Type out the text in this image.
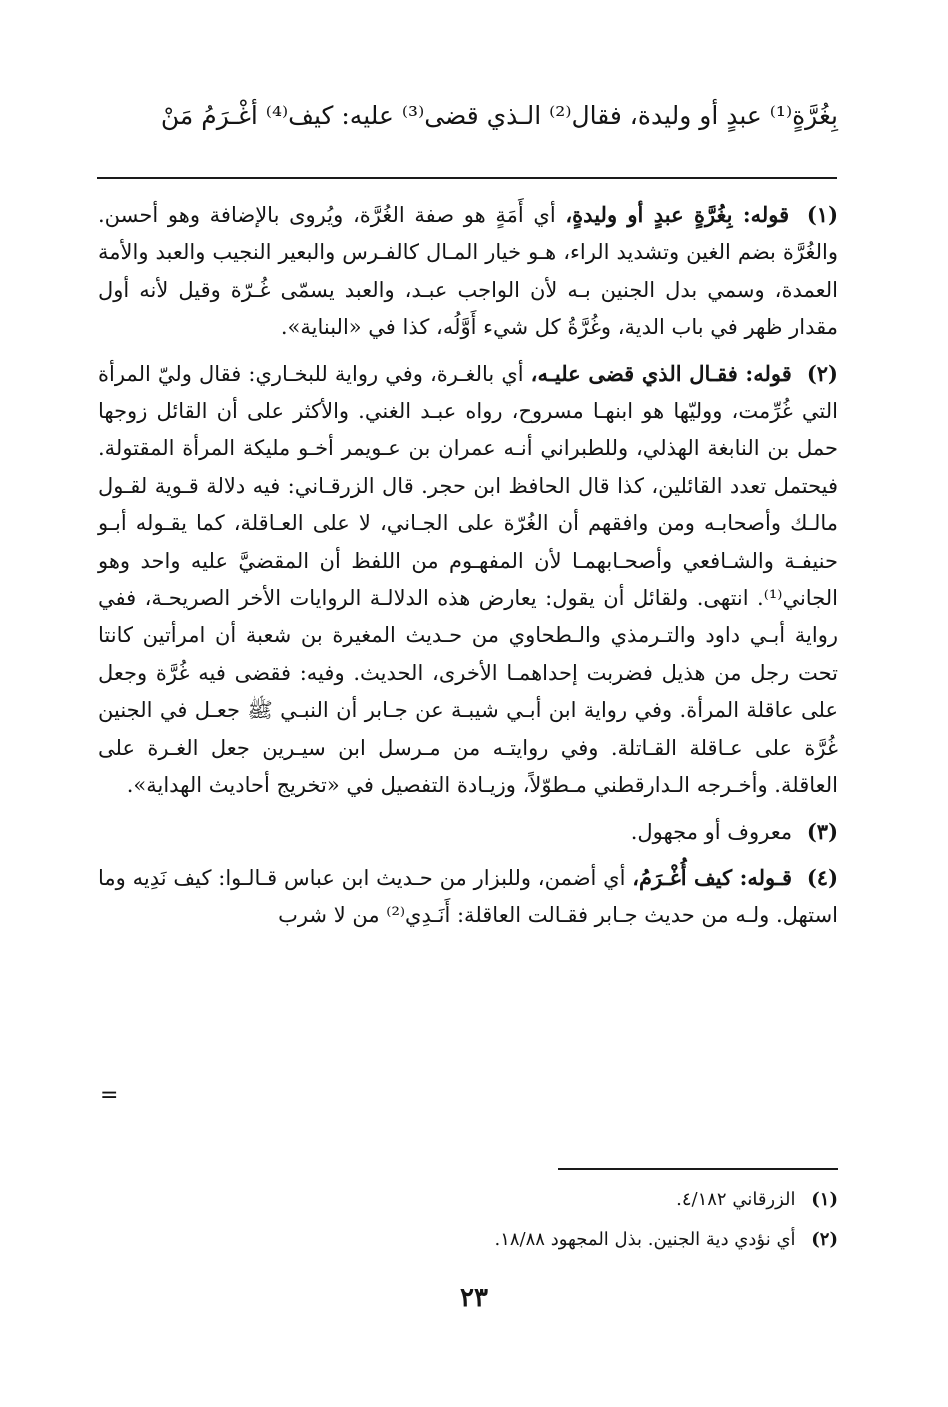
بِغُرَّةٍ⁽¹⁾ عبدٍ أو وليدة، فقال⁽²⁾ الـذي قضى⁽³⁾ عليه: كيف⁽⁴⁾ أغْـرَمُ مَنْ

(١) قوله: بِغُرَّةٍ عبدٍ أو وليدةٍ، أي أَمَةٍ هو صفة الغُرَّة، ويُروى بالإضافة وهو أحسن. والغُرَّة بضم الغين وتشديد الراء، هـو خيار المـال كالفـرس والبعير النجيب والعبد والأمة العمدة، وسمي بدل الجنين بـه لأن الواجب عبـد، والعبد يسمّى غُـرّة وقيل لأنه أول مقدار ظهر في باب الدية، وغُرَّةُ كل شيء أَوَّلُه، كذا في «البناية».

(٢) قوله: فقـال الذي قضى عليـه، أي بالغـرة، وفي رواية للبخـاري: فقال وليّ المرأة التي غُرِّمت، ووليّها هو ابنهـا مسروح، رواه عبـد الغني. والأكثر على أن القائل زوجها حمل بن النابغة الهذلي، وللطبراني أنـه عمران بن عـويمر أخـو مليكة المرأة المقتولة. فيحتمل تعدد القائلين، كذا قال الحافظ ابن حجر. قال الزرقـاني: فيه دلالة قـوية لقـول مالـك وأصحابـه ومن وافقهم أن الغُرّة على الجـاني، لا على العـاقلة، كما يقـوله أبـو حنيفـة والشـافعي وأصحـابهمـا لأن المفهـوم من اللفظ أن المقضيَّ عليه واحد وهو الجاني⁽¹⁾. انتهى. ولقائل أن يقول: يعارض هذه الدلالـة الروايات الأخر الصريحـة، ففي رواية أبـي داود والتـرمذي والـطحاوي من حـديث المغيرة بن شعبة أن امرأتين كانتا تحت رجل من هذيل فضربت إحداهمـا الأخرى، الحديث. وفيه: فقضى فيه غُرَّة وجعل على عاقلة المرأة. وفي رواية ابن أبـي شيبـة عن جـابر أن النبـي ﷺ جعـل في الجنين غُرَّة على عـاقلة القـاتلة. وفي روايتـه من مـرسل ابن سيـرين جعل الغـرة على العاقلة. وأخـرجه الـدارقطني مـطوّلاً، وزيـادة التفصيل في «تخريج أحاديث الهداية».

(٣) معروف أو مجهول.

(٤) قـوله: كيف أُغْـرَمُ، أي أضمن، وللبزار من حـديث ابن عباس قـالـوا: كيف نَدِيه وما استهل. ولـه من حديث جـابر فقـالت العاقلة: أَنَـدِي⁽²⁾ من لا شرب

=
(١) الزرقاني ٤/١٨٢.
(٢) أي نؤدي دية الجنين. بذل المجهود ١٨/٨٨.
٢٣
